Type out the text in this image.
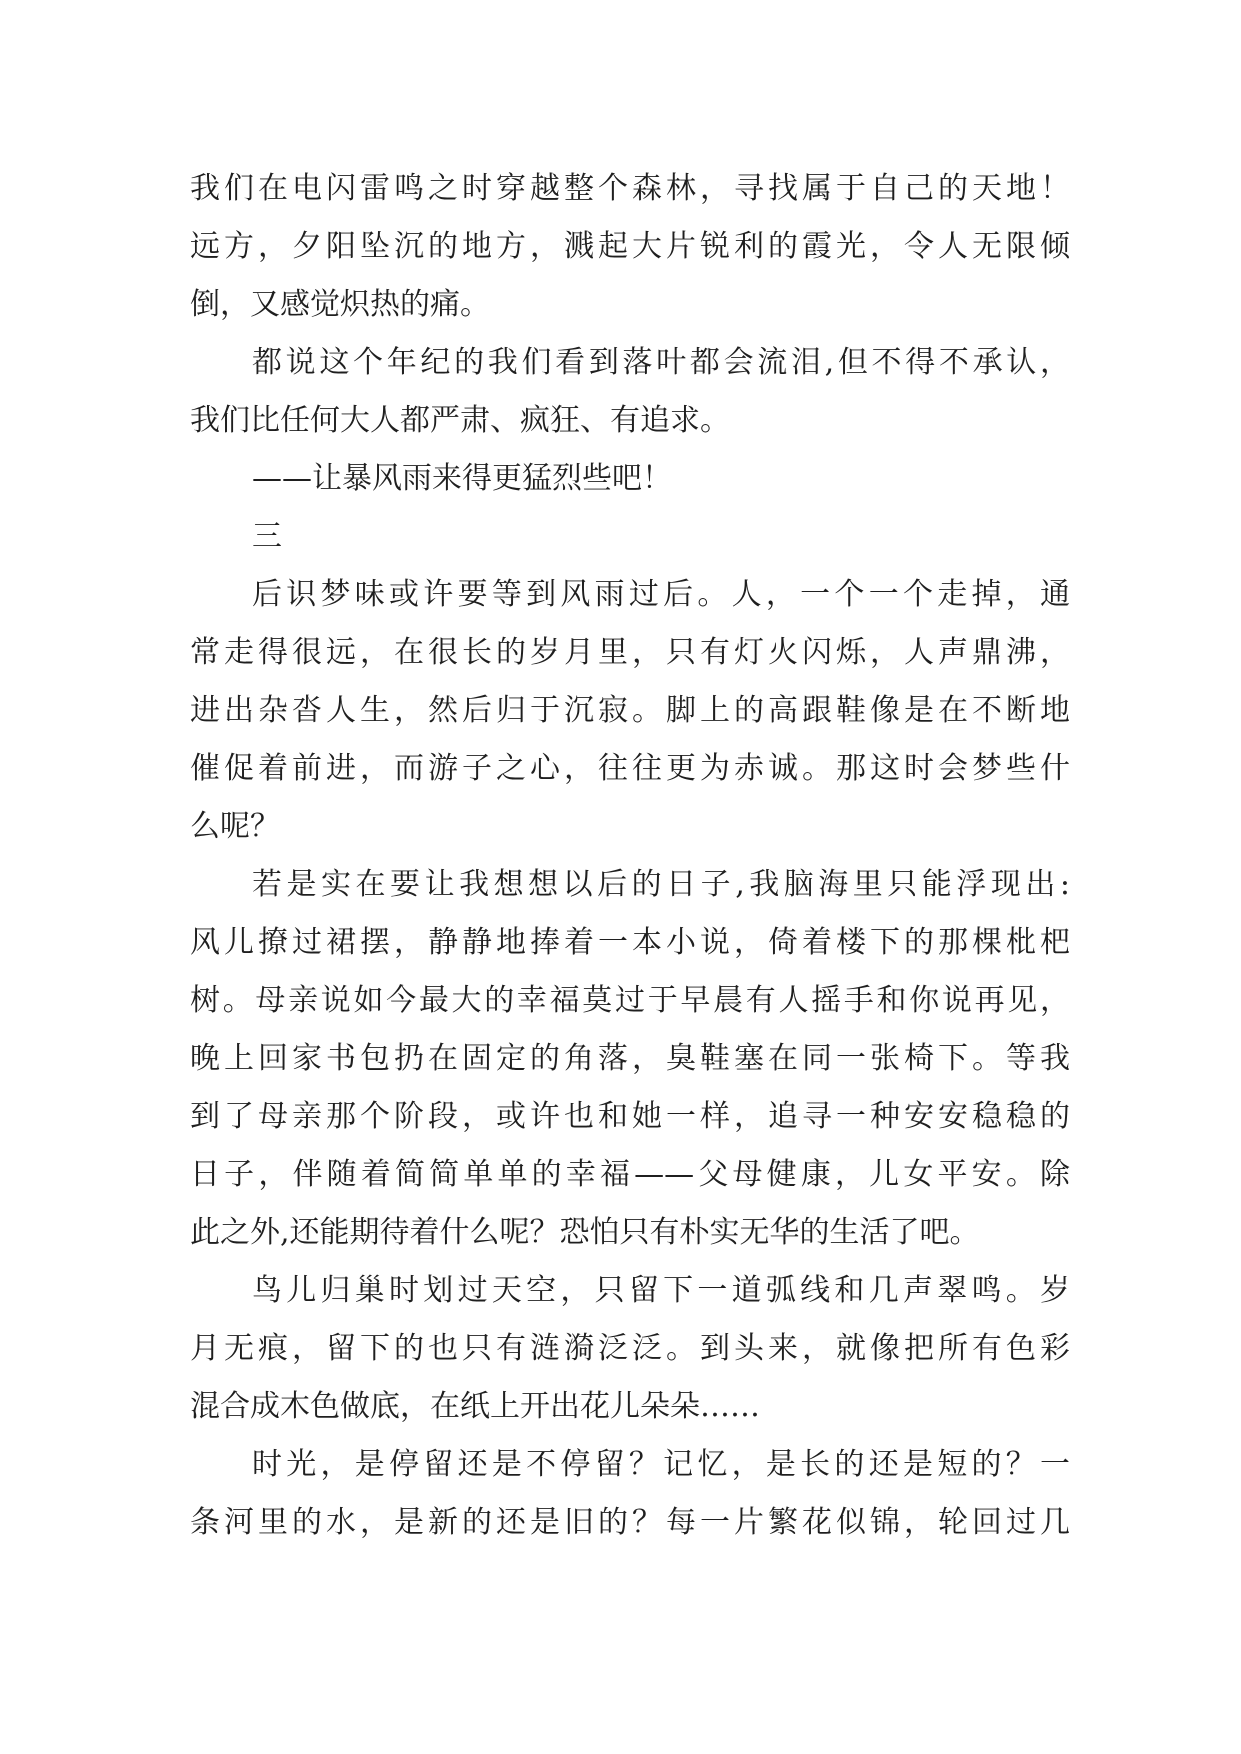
我们在电闪雷鸣之时穿越整个森林，寻找属于自己的天地！
远方，夕阳坠沉的地方，溅起大片锐利的霞光，令人无限倾
倒，又感觉炽热的痛。
都说这个年纪的我们看到落叶都会流泪,但不得不承认，
我们比任何大人都严肃、疯狂、有追求。
——让暴风雨来得更猛烈些吧！
三
后识梦味或许要等到风雨过后。人，一个一个走掉，通
常走得很远，在很长的岁月里，只有灯火闪烁，人声鼎沸，
进出杂沓人生，然后归于沉寂。脚上的高跟鞋像是在不断地
催促着前进，而游子之心，往往更为赤诚。那这时会梦些什
么呢？
若是实在要让我想想以后的日子,我脑海里只能浮现出:
风儿撩过裙摆，静静地捧着一本小说，倚着楼下的那棵枇杷
树。母亲说如今最大的幸福莫过于早晨有人摇手和你说再见，
晚上回家书包扔在固定的角落，臭鞋塞在同一张椅下。等我
到了母亲那个阶段，或许也和她一样，追寻一种安安稳稳的
日子，伴随着简简单单的幸福——父母健康，儿女平安。除
此之外,还能期待着什么呢？恐怕只有朴实无华的生活了吧。
鸟儿归巢时划过天空，只留下一道弧线和几声翠鸣。岁
月无痕，留下的也只有涟漪泛泛。到头来，就像把所有色彩
混合成木色做底，在纸上开出花儿朵朵……
时光，是停留还是不停留？记忆，是长的还是短的？一
条河里的水，是新的还是旧的？每一片繁花似锦，轮回过几
